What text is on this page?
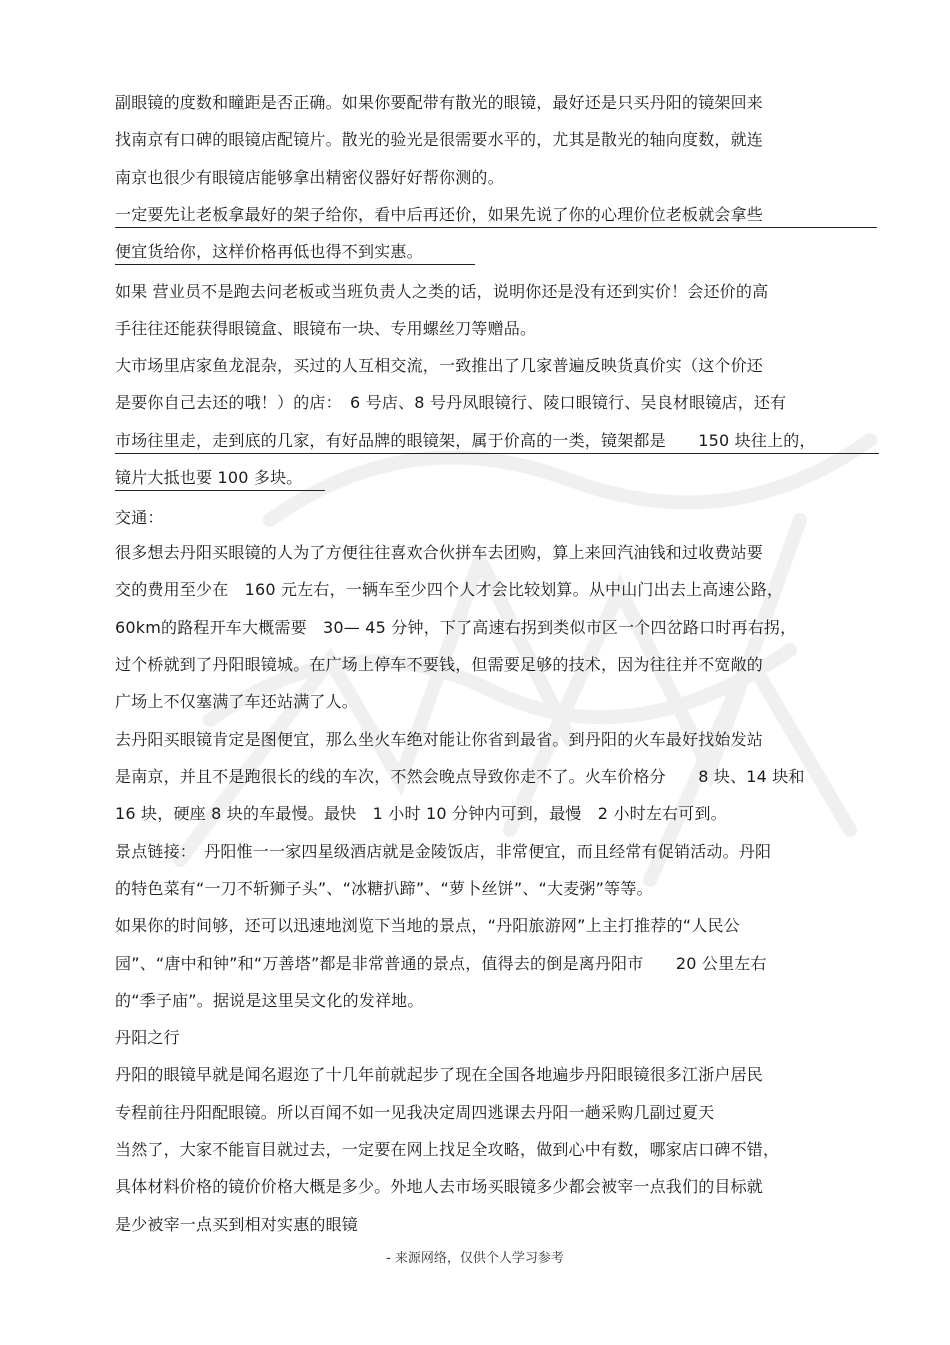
副眼镜的度数和瞳距是否正确。如果你要配带有散光的眼镜，最好还是只买丹阳的镜架回来
找南京有口碑的眼镜店配镜片。散光的验光是很需要水平的，尤其是散光的轴向度数，就连
南京也很少有眼镜店能够拿出精密仪器好好帮你测的。
一定要先让老板拿最好的架子给你，看中后再还价，如果先说了你的心理价位老板就会拿些
便宜货给你，这样价格再低也得不到实惠。
如果 营业员不是跑去问老板或当班负责人之类的话，说明你还是没有还到实价！会还价的高
手往往还能获得眼镜盒、眼镜布一块、专用螺丝刀等赠品。
大市场里店家鱼龙混杂，买过的人互相交流，一致推出了几家普遍反映货真价实（这个价还
是要你自己去还的哦！）的店：　6 号店、8 号丹凤眼镜行、陵口眼镜行、吴良材眼镜店，还有
市场往里走，走到底的几家，有好品牌的眼镜架，属于价高的一类，镜架都是　　150 块往上的，
镜片大抵也要 100 多块。
交通：
很多想去丹阳买眼镜的人为了方便往往喜欢合伙拼车去团购，算上来回汽油钱和过收费站要
交的费用至少在　160 元左右，一辆车至少四个人才会比较划算。从中山门出去上高速公路，
60km的路程开车大概需要　30— 45 分钟，下了高速右拐到类似市区一个四岔路口时再右拐，
过个桥就到了丹阳眼镜城。在广场上停车不要钱，但需要足够的技术，因为往往并不宽敞的
广场上不仅塞满了车还站满了人。
去丹阳买眼镜肯定是图便宜，那么坐火车绝对能让你省到最省。到丹阳的火车最好找始发站
是南京，并且不是跑很长的线的车次，不然会晚点导致你走不了。火车价格分　　8 块、14 块和
16 块，硬座 8 块的车最慢。最快　1 小时 10 分钟内可到，最慢　2 小时左右可到。
景点链接：　丹阳惟一一家四星级酒店就是金陵饭店，非常便宜，而且经常有促销活动。丹阳
的特色菜有“一刀不斩狮子头”、“冰糖扒蹄”、“萝卜丝饼”、“大麦粥”等等。
如果你的时间够，还可以迅速地浏览下当地的景点，“丹阳旅游网”上主打推荐的“人民公
园”、“唐中和钟”和“万善塔”都是非常普通的景点，值得去的倒是离丹阳市　　20 公里左右
的“季子庙”。据说是这里吴文化的发祥地。
丹阳之行
丹阳的眼镜早就是闻名遐迩了十几年前就起步了现在全国各地遍步丹阳眼镜很多江浙户居民
专程前往丹阳配眼镜。所以百闻不如一见我决定周四逃课去丹阳一趟采购几副过夏天
当然了，大家不能盲目就过去，一定要在网上找足全攻略，做到心中有数，哪家店口碑不错，
具体材料价格的镜价价格大概是多少。外地人去市场买眼镜多少都会被宰一点我们的目标就
是少被宰一点买到相对实惠的眼镜
- 来源网络，仅供个人学习参考
